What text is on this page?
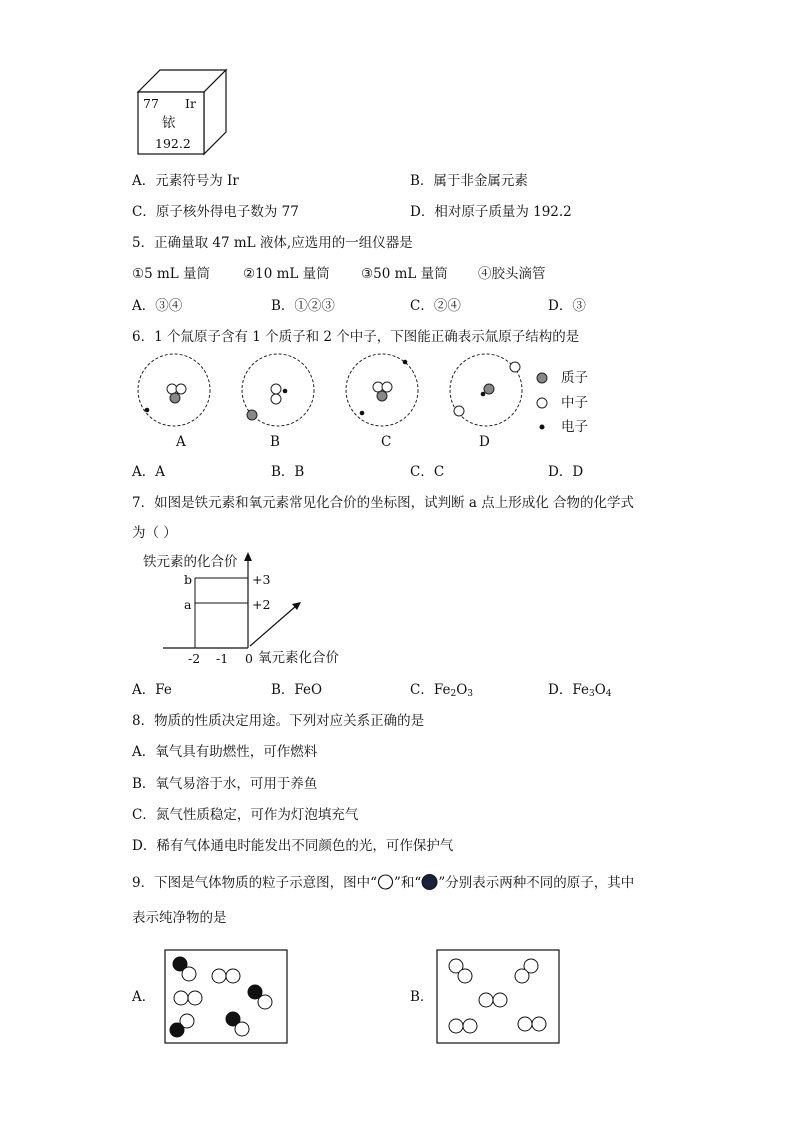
77 Ir
铱
192.2
A．元素符号为 Ir	B．属于非金属元素
C．原子核外得电子数为 77	D．相对原子质量为 192.2
5．正确量取 47 mL 液体,应选用的一组仪器是
①5 mL 量筒 ②10 mL 量筒 ③50 mL 量筒 ④胶头滴管
A．③④	B．①②③	C．②④	D．③
6．1 个氚原子含有 1 个质子和 2 个中子，下图能正确表示氚原子结构的是
A	B	C	D
质子
中子
电子
A．A	B．B	C．C	D．D
7．如图是铁元素和氧元素常见化合价的坐标图，试判断 a 点上形成化 合物的化学式
为（ ）
铁元素的化合价
b
a
+3
+2
-2 -1 0 氧元素化合价
A．Fe	B．FeO	C．$Fe_2O_3$	D．$Fe_3O_4$
8．物质的性质决定用途。下列对应关系正确的是
A．氧气具有助燃性，可作燃料
B．氧气易溶于水，可用于养鱼
C．氮气性质稳定，可作为灯泡填充气
D．稀有气体通电时能发出不同颜色的光，可作保护气
9．下图是气体物质的粒子示意图，图中“ ”和“ ”分别表示两种不同的原子，其中
表示纯净物的是
A．	B．
